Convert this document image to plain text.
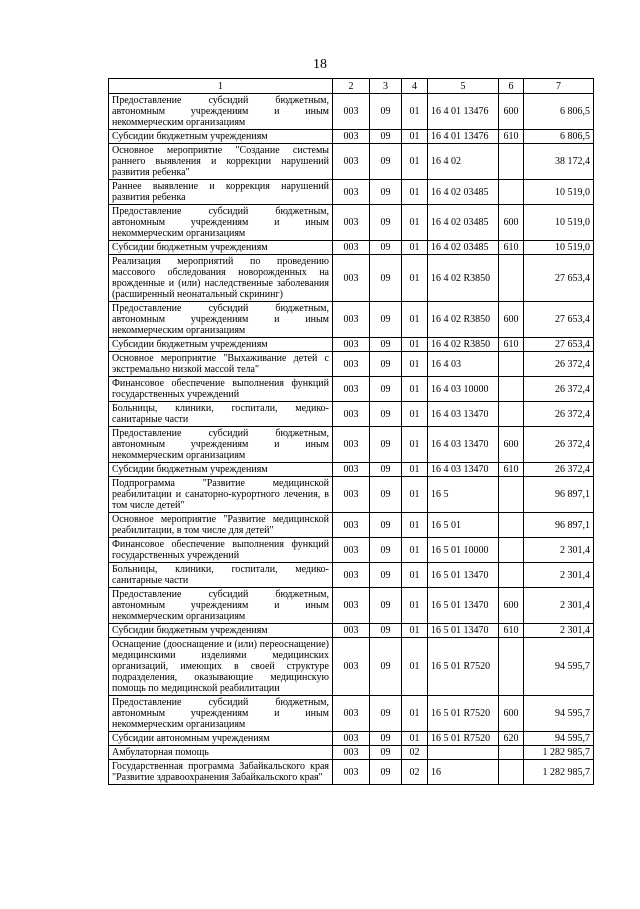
18
1	2	3	4	5	6	7
Предоставление субсидий бюджетным, автономным учреждениям и иным некоммерческим организациям	003	09	01	16 4 01 13476	600	6 806,5
Субсидии бюджетным учреждениям	003	09	01	16 4 01 13476	610	6 806,5
Основное мероприятие "Создание системы раннего выявления и коррекции нарушений развития ребенка"	003	09	01	16 4 02		38 172,4
Раннее выявление и коррекция нарушений развития ребенка	003	09	01	16 4 02 03485		10 519,0
Предоставление субсидий бюджетным, автономным учреждениям и иным некоммерческим организациям	003	09	01	16 4 02 03485	600	10 519,0
Субсидии бюджетным учреждениям	003	09	01	16 4 02 03485	610	10 519,0
Реализация мероприятий по проведению массового обследования новорожденных на врожденные и (или) наследственные заболевания (расширенный неонатальный скрининг)	003	09	01	16 4 02 R3850		27 653,4
Предоставление субсидий бюджетным, автономным учреждениям и иным некоммерческим организациям	003	09	01	16 4 02 R3850	600	27 653,4
Субсидии бюджетным учреждениям	003	09	01	16 4 02 R3850	610	27 653,4
Основное мероприятие "Выхаживание детей с экстремально низкой массой тела"	003	09	01	16 4 03		26 372,4
Финансовое обеспечение выполнения функций государственных учреждений	003	09	01	16 4 03 10000		26 372,4
Больницы, клиники, госпитали, медико-санитарные части	003	09	01	16 4 03 13470		26 372,4
Предоставление субсидий бюджетным, автономным учреждениям и иным некоммерческим организациям	003	09	01	16 4 03 13470	600	26 372,4
Субсидии бюджетным учреждениям	003	09	01	16 4 03 13470	610	26 372,4
Подпрограмма "Развитие медицинской реабилитации и санаторно-курортного лечения, в том числе детей"	003	09	01	16 5		96 897,1
Основное мероприятие "Развитие медицинской реабилитации, в том числе для детей"	003	09	01	16 5 01		96 897,1
Финансовое обеспечение выполнения функций государственных учреждений	003	09	01	16 5 01 10000		2 301,4
Больницы, клиники, госпитали, медико-санитарные части	003	09	01	16 5 01 13470		2 301,4
Предоставление субсидий бюджетным, автономным учреждениям и иным некоммерческим организациям	003	09	01	16 5 01 13470	600	2 301,4
Субсидии бюджетным учреждениям	003	09	01	16 5 01 13470	610	2 301,4
Оснащение (дооснащение и (или) переоснащение) медицинскими изделиями медицинских организаций, имеющих в своей структуре подразделения, оказывающие медицинскую помощь по медицинской реабилитации	003	09	01	16 5 01 R7520		94 595,7
Предоставление субсидий бюджетным, автономным учреждениям и иным некоммерческим организациям	003	09	01	16 5 01 R7520	600	94 595,7
Субсидии автономным учреждениям	003	09	01	16 5 01 R7520	620	94 595,7
Амбулаторная помощь	003	09	02			1 282 985,7
Государственная программа Забайкальского края "Развитие здравоохранения Забайкальского края"	003	09	02	16		1 282 985,7
